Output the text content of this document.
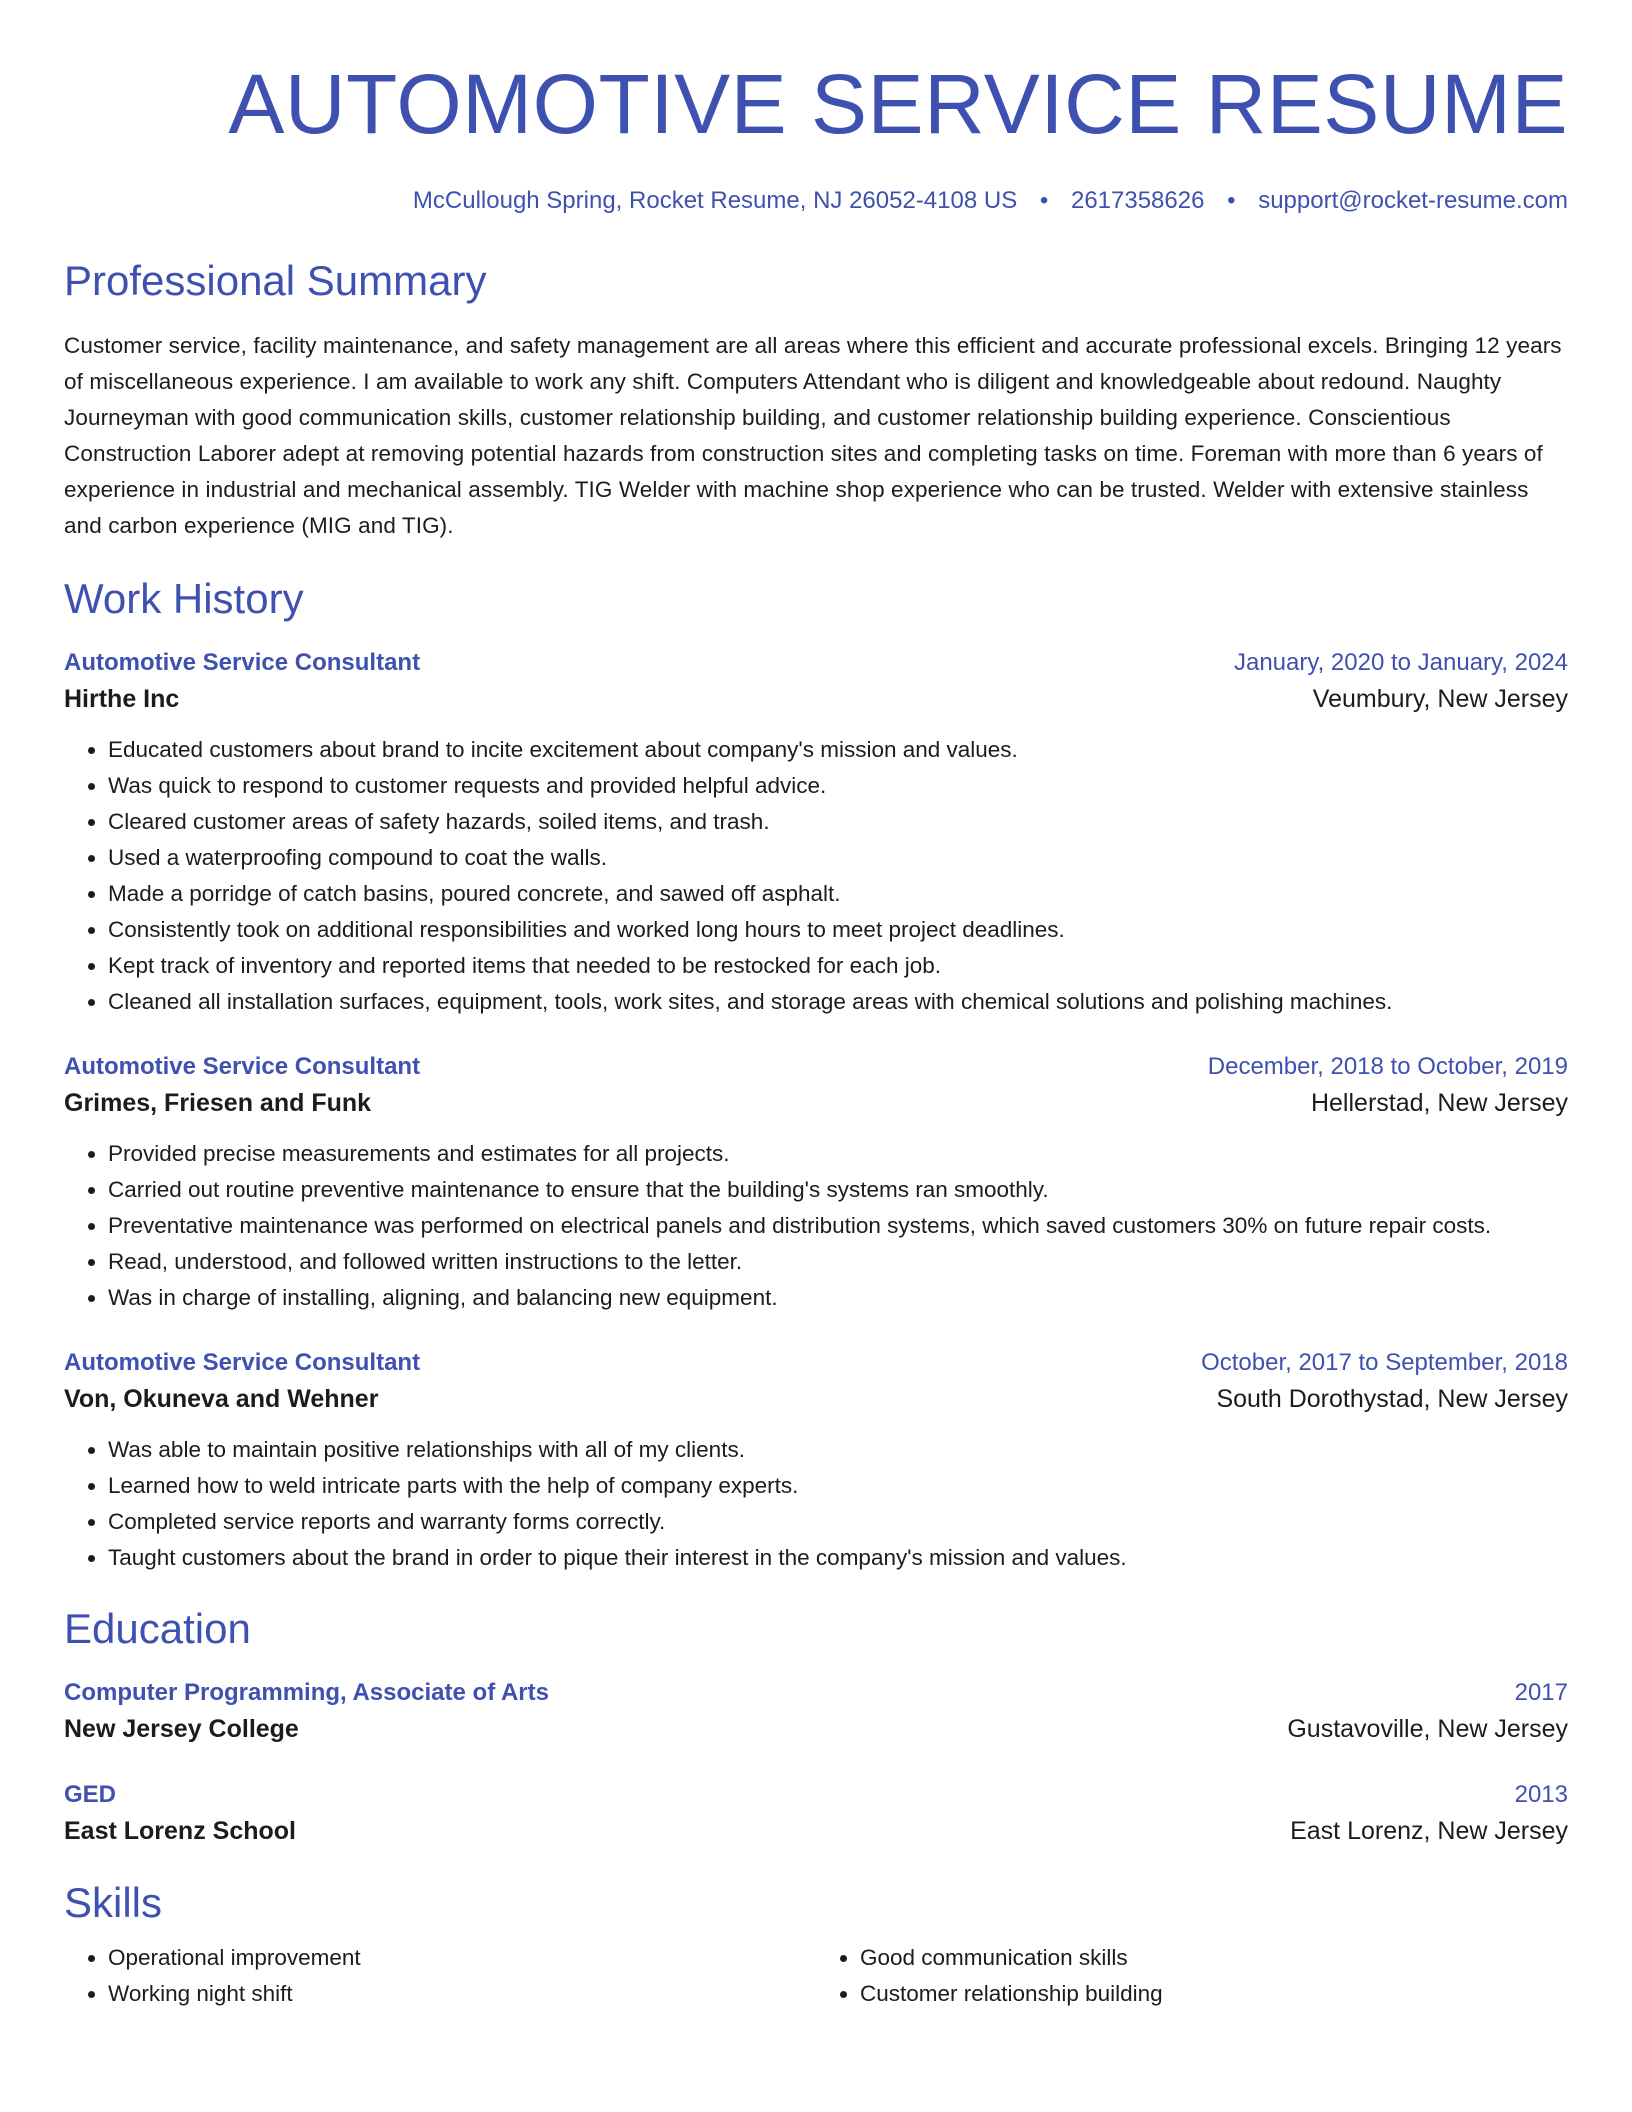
AUTOMOTIVE SERVICE RESUME
McCullough Spring, Rocket Resume, NJ 26052-4108 US • 2617358626 • support@rocket-resume.com
Professional Summary
Customer service, facility maintenance, and safety management are all areas where this efficient and accurate professional excels. Bringing 12 years of miscellaneous experience. I am available to work any shift. Computers Attendant who is diligent and knowledgeable about redound. Naughty Journeyman with good communication skills, customer relationship building, and customer relationship building experience. Conscientious Construction Laborer adept at removing potential hazards from construction sites and completing tasks on time. Foreman with more than 6 years of experience in industrial and mechanical assembly. TIG Welder with machine shop experience who can be trusted. Welder with extensive stainless and carbon experience (MIG and TIG).
Work History
Automotive Service Consultant	January, 2020 to January, 2024
Hirthe Inc	Veumbury, New Jersey
• Educated customers about brand to incite excitement about company's mission and values.
• Was quick to respond to customer requests and provided helpful advice.
• Cleared customer areas of safety hazards, soiled items, and trash.
• Used a waterproofing compound to coat the walls.
• Made a porridge of catch basins, poured concrete, and sawed off asphalt.
• Consistently took on additional responsibilities and worked long hours to meet project deadlines.
• Kept track of inventory and reported items that needed to be restocked for each job.
• Cleaned all installation surfaces, equipment, tools, work sites, and storage areas with chemical solutions and polishing machines.
Automotive Service Consultant	December, 2018 to October, 2019
Grimes, Friesen and Funk	Hellerstad, New Jersey
• Provided precise measurements and estimates for all projects.
• Carried out routine preventive maintenance to ensure that the building's systems ran smoothly.
• Preventative maintenance was performed on electrical panels and distribution systems, which saved customers 30% on future repair costs.
• Read, understood, and followed written instructions to the letter.
• Was in charge of installing, aligning, and balancing new equipment.
Automotive Service Consultant	October, 2017 to September, 2018
Von, Okuneva and Wehner	South Dorothystad, New Jersey
• Was able to maintain positive relationships with all of my clients.
• Learned how to weld intricate parts with the help of company experts.
• Completed service reports and warranty forms correctly.
• Taught customers about the brand in order to pique their interest in the company's mission and values.
Education
Computer Programming, Associate of Arts	2017
New Jersey College	Gustavoville, New Jersey
GED	2013
East Lorenz School	East Lorenz, New Jersey
Skills
• Operational improvement
• Working night shift
• Good communication skills
• Customer relationship building
